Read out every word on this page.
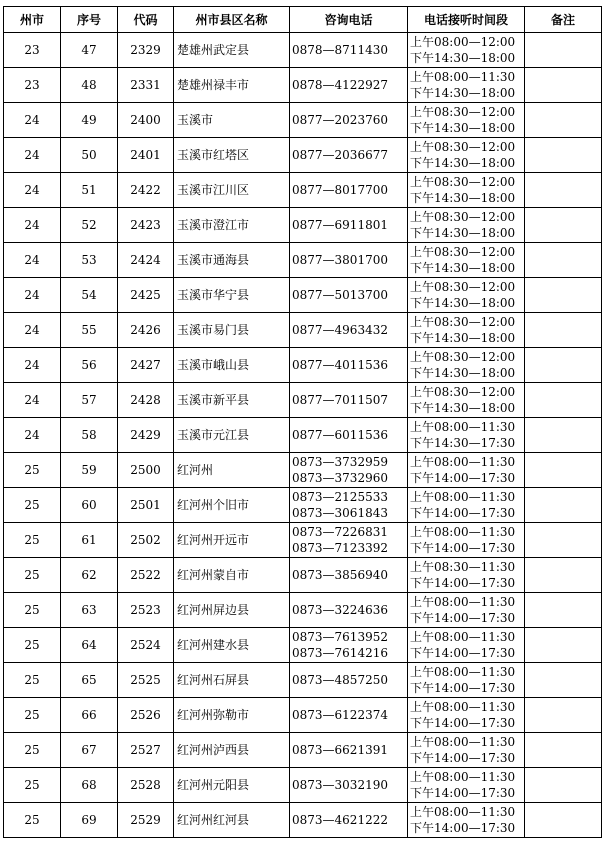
州市	序号	代码	州市县区名称	咨询电话	电话接听时间段	备注
23	47	2329	楚雄州武定县	0878—8711430	上午08:00—12:00
下午14:30—18:00	

23	48	2331	楚雄州禄丰市	0878—4122927	上午08:00—11:30
下午14:30—18:00	

24	49	2400	玉溪市	0877—2023760	上午08:30—12:00
下午14:30—18:00	

24	50	2401	玉溪市红塔区	0877—2036677	上午08:30—12:00
下午14:30—18:00	

24	51	2422	玉溪市江川区	0877—8017700	上午08:30—12:00
下午14:30—18:00	

24	52	2423	玉溪市澄江市	0877—6911801	上午08:30—12:00
下午14:30—18:00	

24	53	2424	玉溪市通海县	0877—3801700	上午08:30—12:00
下午14:30—18:00	

24	54	2425	玉溪市华宁县	0877—5013700	上午08:30—12:00
下午14:30—18:00	

24	55	2426	玉溪市易门县	0877—4963432	上午08:30—12:00
下午14:30—18:00	

24	56	2427	玉溪市峨山县	0877—4011536	上午08:30—12:00
下午14:30—18:00	

24	57	2428	玉溪市新平县	0877—7011507	上午08:30—12:00
下午14:30—18:00	

24	58	2429	玉溪市元江县	0877—6011536	上午08:00—11:30
下午14:30—17:30	

25	59	2500	红河州	0873—3732959
0873—3732960	上午08:00—11:30
下午14:00—17:30	

25	60	2501	红河州个旧市	0873—2125533
0873—3061843	上午08:00—11:30
下午14:00—17:30	

25	61	2502	红河州开远市	0873—7226831
0873—7123392	上午08:00—11:30
下午14:00—17:30	

25	62	2522	红河州蒙自市	0873—3856940	上午08:30—11:30
下午14:00—17:30	

25	63	2523	红河州屏边县	0873—3224636	上午08:00—11:30
下午14:00—17:30	

25	64	2524	红河州建水县	0873—7613952
0873—7614216	上午08:00—11:30
下午14:00—17:30	

25	65	2525	红河州石屏县	0873—4857250	上午08:00—11:30
下午14:00—17:30	

25	66	2526	红河州弥勒市	0873—6122374	上午08:00—11:30
下午14:00—17:30	

25	67	2527	红河州泸西县	0873—6621391	上午08:00—11:30
下午14:00—17:30	

25	68	2528	红河州元阳县	0873—3032190	上午08:00—11:30
下午14:00—17:30	

25	69	2529	红河州红河县	0873—4621222	上午08:00—11:30
下午14:00—17:30	
